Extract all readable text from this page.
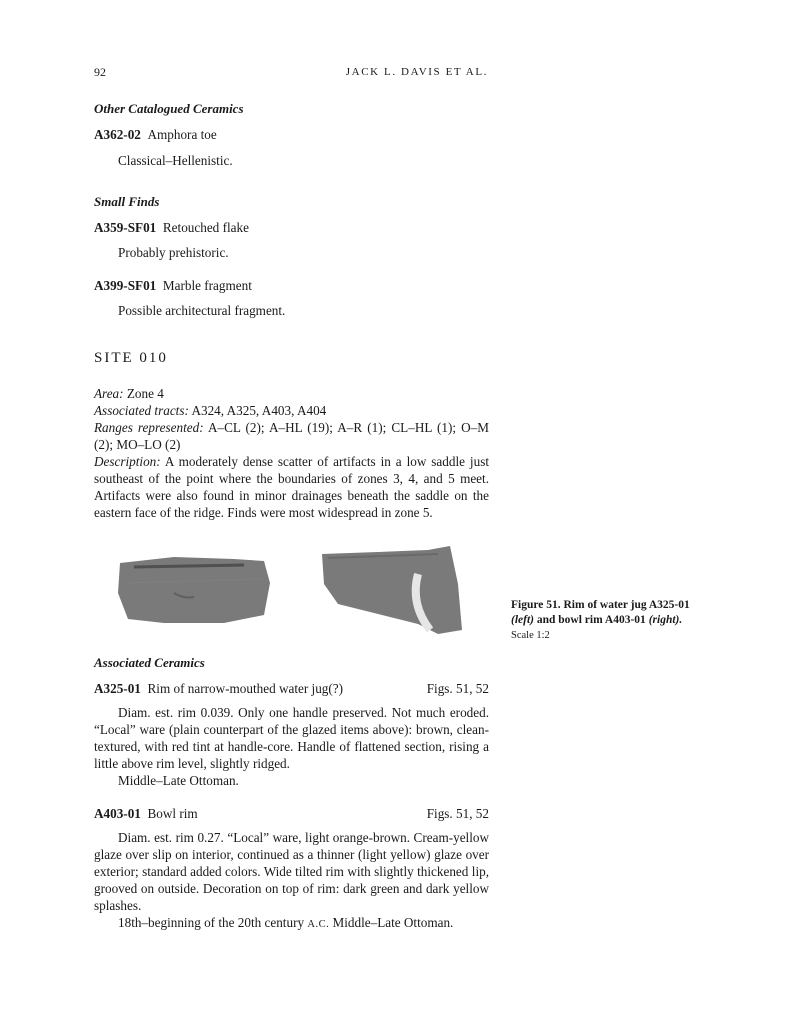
92	JACK L. DAVIS ET AL.
Other Catalogued Ceramics
A362-02 Amphora toe
Classical–Hellenistic.
Small Finds
A359-SF01 Retouched flake
Probably prehistoric.
A399-SF01 Marble fragment
Possible architectural fragment.
SITE 010
Area: Zone 4
Associated tracts: A324, A325, A403, A404
Ranges represented: A–CL (2); A–HL (19); A–R (1); CL–HL (1); O–M (2); MO–LO (2)
Description: A moderately dense scatter of artifacts in a low saddle just southeast of the point where the boundaries of zones 3, 4, and 5 meet. Artifacts were also found in minor drainages beneath the saddle on the eastern face of the ridge. Finds were most widespread in zone 5.
Figure 51. Rim of water jug A325-01
(left) and bowl rim A403-01 (right).
Scale 1:2
Associated Ceramics
A325-01 Rim of narrow-mouthed water jug(?)	Figs. 51, 52

Diam. est. rim 0.039. Only one handle preserved. Not much eroded. “Local” ware (plain counterpart of the glazed items above): brown, clean-textured, with red tint at handle-core. Handle of flattened section, rising a little above rim level, slightly ridged.

Middle–Late Ottoman.

A403-01 Bowl rim	Figs. 51, 52

Diam. est. rim 0.27. “Local” ware, light orange-brown. Cream-yellow glaze over slip on interior, continued as a thinner (light yellow) glaze over exterior; standard added colors. Wide tilted rim with slightly thickened lip, grooved on outside. Decoration on top of rim: dark green and dark yellow splashes.

18th–beginning of the 20th century A.C. Middle–Late Ottoman.
